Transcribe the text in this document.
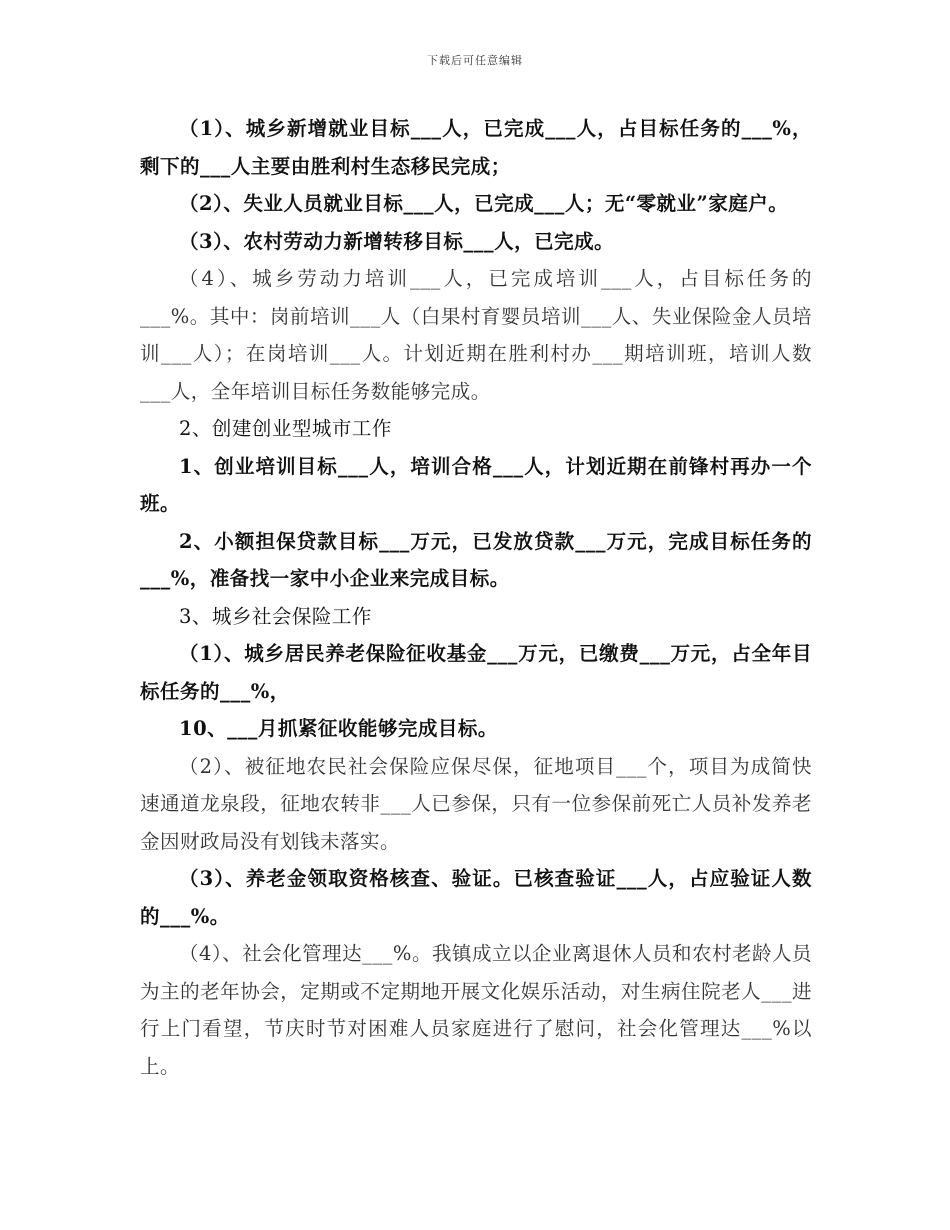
下载后可任意编辑

（1）、城乡新增就业目标___人，已完成___人，占目标任务的___%，剩下的___人主要由胜利村生态移民完成；

（2）、失业人员就业目标___人，已完成___人；无“零就业”家庭户。

（3）、农村劳动力新增转移目标___人，已完成。

（4）、城乡劳动力培训___人，已完成培训___人，占目标任务的___%。其中：岗前培训___人（白果村育婴员培训___人、失业保险金人员培训___人）；在岗培训___人。计划近期在胜利村办___期培训班，培训人数___人，全年培训目标任务数能够完成。

2、创建创业型城市工作

1、创业培训目标___人，培训合格___人，计划近期在前锋村再办一个班。

2、小额担保贷款目标___万元，已发放贷款___万元，完成目标任务的___%，准备找一家中小企业来完成目标。

3、城乡社会保险工作

（1）、城乡居民养老保险征收基金___万元，已缴费___万元，占全年目标任务的___%，

10、___月抓紧征收能够完成目标。

（2）、被征地农民社会保险应保尽保，征地项目___个，项目为成简快速通道龙泉段，征地农转非___人已参保，只有一位参保前死亡人员补发养老金因财政局没有划钱未落实。

（3）、养老金领取资格核查、验证。已核查验证___人，占应验证人数的___%。

（4）、社会化管理达___%。我镇成立以企业离退休人员和农村老龄人员为主的老年协会，定期或不定期地开展文化娱乐活动，对生病住院老人___进行上门看望，节庆时节对困难人员家庭进行了慰问，社会化管理达___%以上。
